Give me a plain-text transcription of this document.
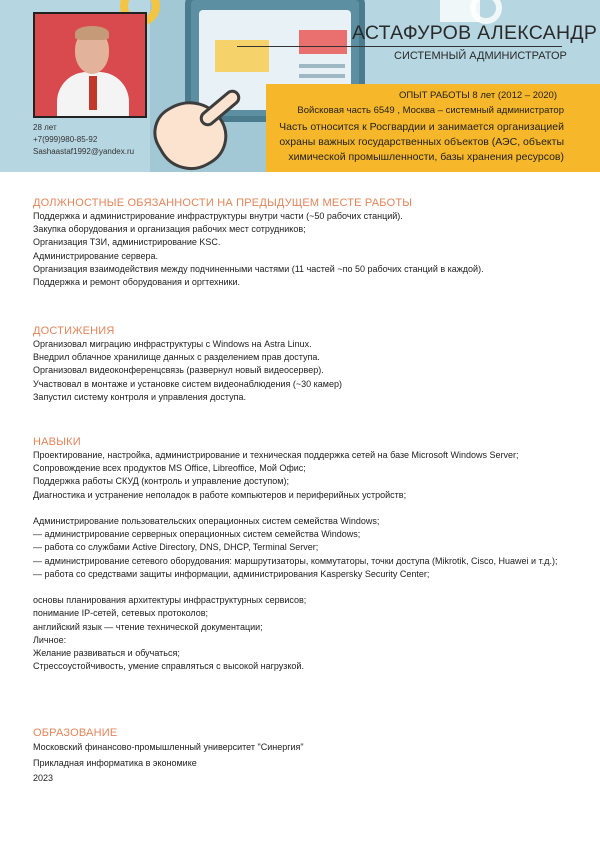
28 лет
+7(999)980-85-92
Sashaastaf1992@yandex.ru
АСТАФУРОВ АЛЕКСАНДР
СИСТЕМНЫЙ АДМИНИСТРАТОР
ОПЫТ РАБОТЫ 8 лет (2012 – 2020)
Войсковая часть 6549 , Москва – системный администратор
Часть относится к Росгвардии и занимается организацией охраны важных государственных объектов (АЭС, объекты химической промышленности, базы хранения ресурсов)
ДОЛЖНОСТНЫЕ ОБЯЗАННОСТИ НА ПРЕДЫДУЩЕМ МЕСТЕ РАБОТЫ
Поддержка и администрирование инфраструктуры внутри части (~50 рабочих станций).
Закупка оборудования и организация рабочих мест сотрудников;
Организация ТЗИ, администрирование KSC.
Администрирование сервера.
Организация взаимодействия между подчиненными частями (11 частей ~по 50 рабочих станций в каждой).
Поддержка и ремонт оборудования и оргтехники.
ДОСТИЖЕНИЯ
Организовал миграцию инфраструктуры с Windows на Astra Linux.
Внедрил облачное хранилище данных с разделением прав доступа.
Организовал видеоконференцсвязь (развернул новый видеосервер).
Участвовал в монтаже и установке систем видеонаблюдения (~30 камер)
Запустил систему контроля и управления доступа.
НАВЫКИ
Проектирование, настройка, администрирование и техническая поддержка сетей на базе Microsoft Windows Server;
Сопровождение всех продуктов MS Office, Libreoffice, Мой Офис;
Поддержка работы СКУД (контроль и управление доступом);
Диагностика и устранение неполадок в работе компьютеров и периферийных устройств;
Администрирование пользовательских операционных систем семейства Windows;
— администрирование серверных операционных систем семейства Windows;
— работа со службами Active Directory, DNS, DHCP, Terminal Server;
— администрирование сетевого оборудования: маршрутизаторы, коммутаторы, точки доступа (Mikrotik, Cisco, Huawei и т.д.);
— работа со средствами защиты информации, администрирования Kaspersky Security Center;
основы планирования архитектуры инфраструктурных сервисов;
понимание IP-сетей, сетевых протоколов;
английский язык — чтение технической документации;
Личное:
Желание развиваться и обучаться;
Стрессоустойчивость, умение справляться с высокой нагрузкой.
ОБРАЗОВАНИЕ
Московский финансово-промышленный университет "Синергия"
Прикладная информатика в экономике
2023
